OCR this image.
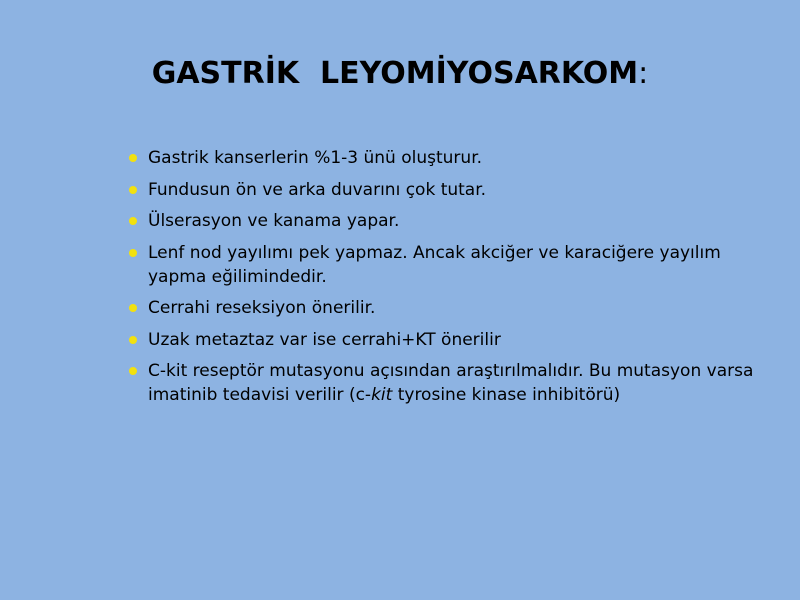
GASTRİK  LEYOMİYOSARKOM:
Gastrik kanserlerin %1-3 ünü oluşturur.
Fundusun ön ve arka duvarını çok tutar.
Ülserasyon ve kanama yapar.
Lenf nod yayılımı pek yapmaz. Ancak akciğer ve karaciğere yayılım yapma eğilimindedir.
Cerrahi reseksiyon önerilir.
Uzak metaztaz var ise cerrahi+KT önerilir
C-kit reseptör mutasyonu açısından araştırılmalıdır. Bu mutasyon varsa imatinib tedavisi verilir (c-kit tyrosine kinase inhibitörü)
